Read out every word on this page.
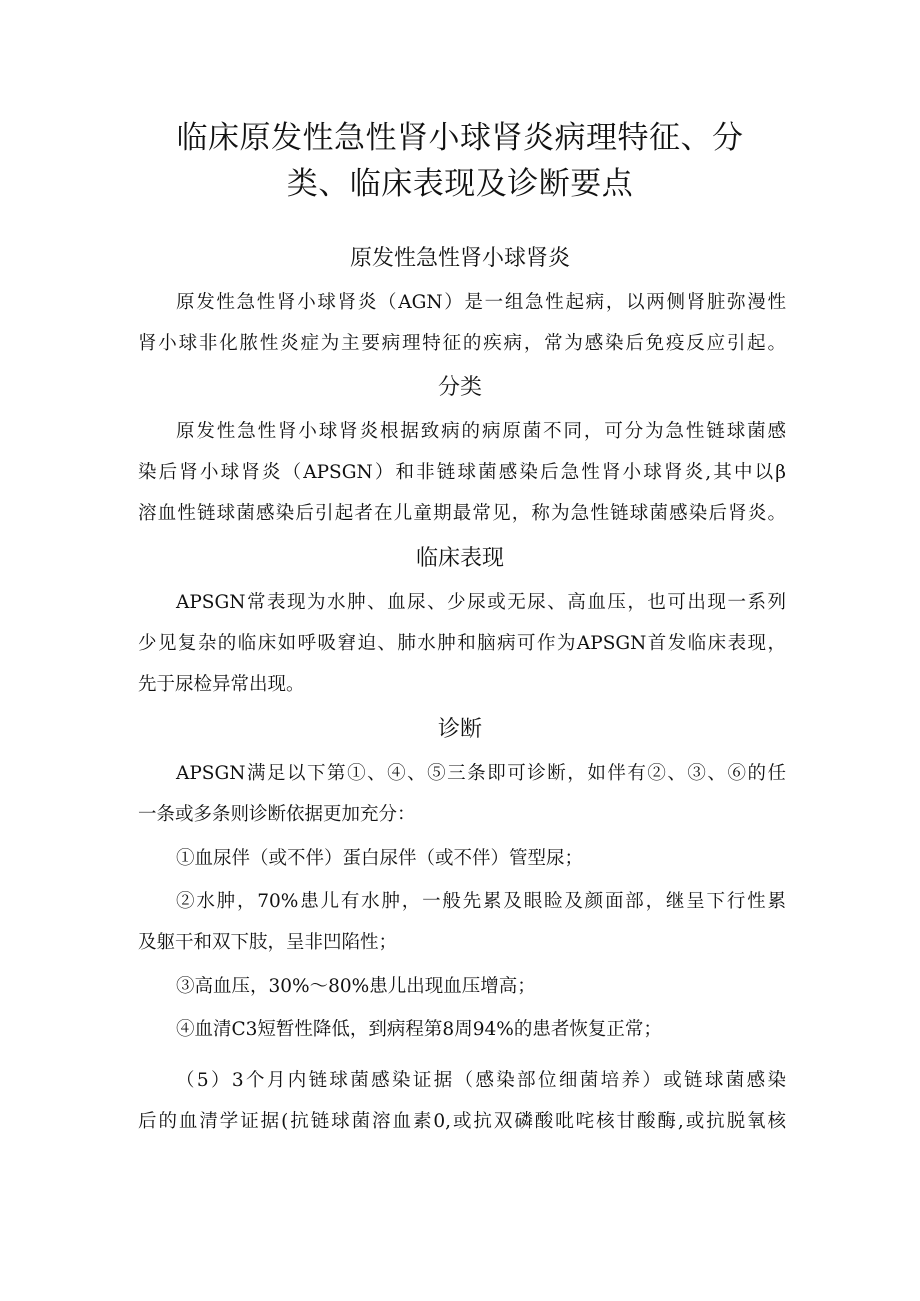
临床原发性急性肾小球肾炎病理特征、分
类、临床表现及诊断要点
原发性急性肾小球肾炎
原发性急性肾小球肾炎（AGN）是一组急性起病，以两侧肾脏弥漫性
肾小球非化脓性炎症为主要病理特征的疾病，常为感染后免疫反应引起。
分类
原发性急性肾小球肾炎根据致病的病原菌不同，可分为急性链球菌感
染后肾小球肾炎（APSGN）和非链球菌感染后急性肾小球肾炎,其中以β
溶血性链球菌感染后引起者在儿童期最常见，称为急性链球菌感染后肾炎。
临床表现
APSGN常表现为水肿、血尿、少尿或无尿、高血压，也可出现一系列
少见复杂的临床如呼吸窘迫、肺水肿和脑病可作为APSGN首发临床表现，
先于尿检异常出现。
诊断
APSGN满足以下第①、④、⑤三条即可诊断，如伴有②、③、⑥的任
一条或多条则诊断依据更加充分：
①血尿伴（或不伴）蛋白尿伴（或不伴）管型尿；
②水肿，70%患儿有水肿，一般先累及眼睑及颜面部，继呈下行性累
及躯干和双下肢，呈非凹陷性；
③高血压，30%～80%患儿出现血压增高；
④血清C3短暂性降低，到病程第8周94%的患者恢复正常；
（5）3个月内链球菌感染证据（感染部位细菌培养）或链球菌感染
后的血清学证据(抗链球菌溶血素0,或抗双磷酸吡咤核甘酸酶,或抗脱氧核
